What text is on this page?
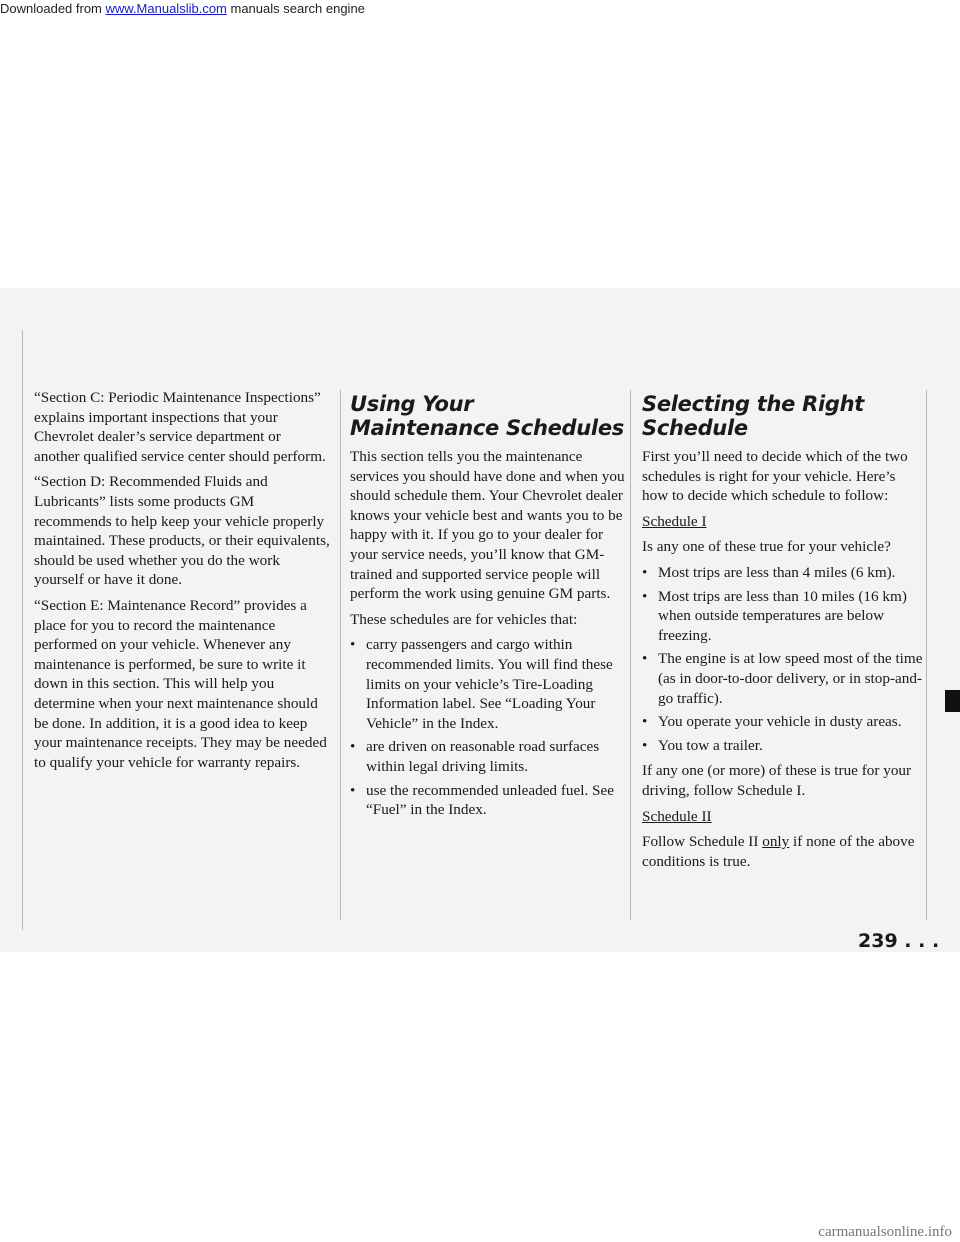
Downloaded from www.Manualslib.com manuals search engine

“Section C: Periodic Maintenance Inspections” explains important inspections that your Chevrolet dealer’s service department or another qualified service center should perform.

“Section D: Recommended Fluids and Lubricants” lists some products GM recommends to help keep your vehicle properly maintained. These products, or their equivalents, should be used whether you do the work yourself or have it done.

“Section E: Maintenance Record” provides a place for you to record the maintenance performed on your vehicle. Whenever any maintenance is performed, be sure to write it down in this section. This will help you determine when your next maintenance should be done. In addition, it is a good idea to keep your maintenance receipts. They may be needed to qualify your vehicle for warranty repairs.

Using Your Maintenance Schedules

This section tells you the maintenance services you should have done and when you should schedule them. Your Chevrolet dealer knows your vehicle best and wants you to be happy with it. If you go to your dealer for your service needs, you’ll know that GM-trained and supported service people will perform the work using genuine GM parts.

These schedules are for vehicles that:

• carry passengers and cargo within recommended limits. You will find these limits on your vehicle’s Tire-Loading Information label. See “Loading Your Vehicle” in the Index.
• are driven on reasonable road surfaces within legal driving limits.
• use the recommended unleaded fuel. See “Fuel” in the Index.
Selecting the Right Schedule

First you’ll need to decide which of the two schedules is right for your vehicle. Here’s how to decide which schedule to follow:

Schedule I

Is any one of these true for your vehicle?

• Most trips are less than 4 miles (6 km).
• Most trips are less than 10 miles (16 km) when outside temperatures are below freezing.
• The engine is at low speed most of the time (as in door-to-door delivery, or in stop-and-go traffic).
• You operate your vehicle in dusty areas.
• You tow a trailer.

If any one (or more) of these is true for your driving, follow Schedule I.

Schedule II

Follow Schedule II only if none of the above conditions is true.

239 . . .
carmanualsonline.info
